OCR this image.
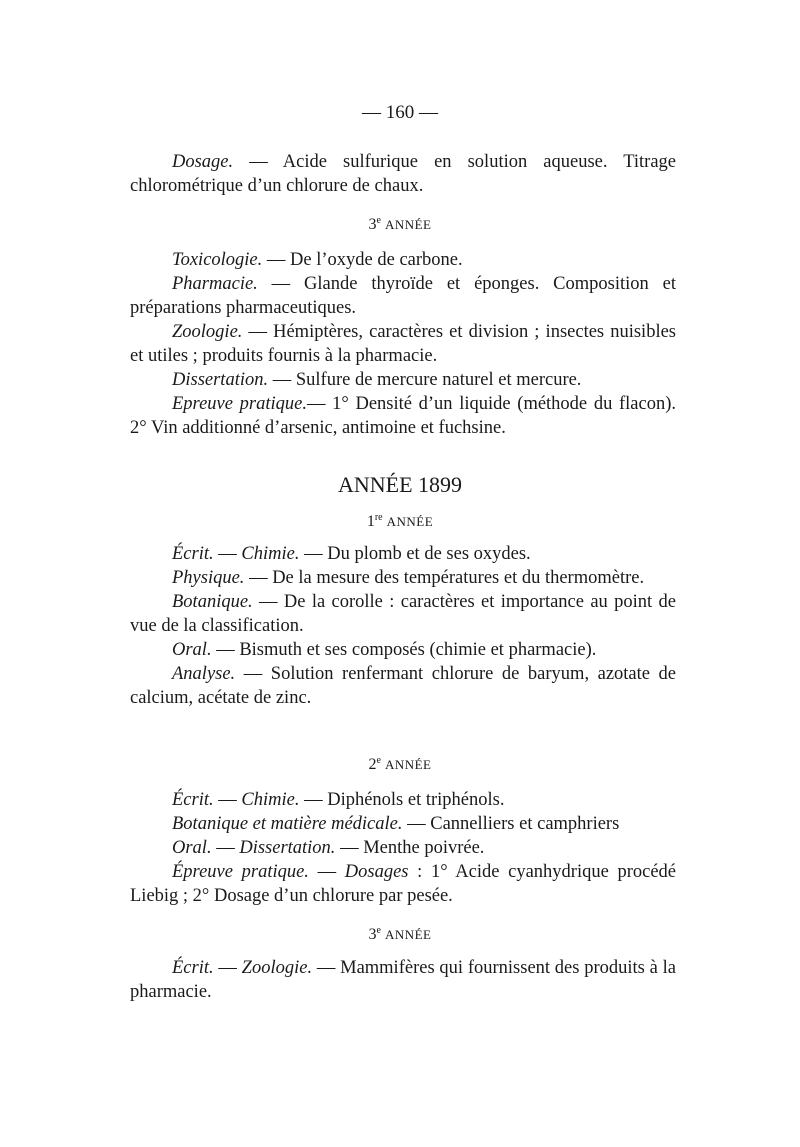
— 160 —

Dosage. — Acide sulfurique en solution aqueuse. Titrage chlorométrique d’un chlorure de chaux.

3e ANNÉE

Toxicologie. — De l’oxyde de carbone.

Pharmacie. — Glande thyroïde et éponges. Composition et préparations pharmaceutiques.

Zoologie. — Hémiptères, caractères et division ; insectes nuisibles et utiles ; produits fournis à la pharmacie.

Dissertation. — Sulfure de mercure naturel et mercure.

Epreuve pratique.— 1° Densité d’un liquide (méthode du flacon). 2° Vin additionné d’arsenic, antimoine et fuchsine.

ANNÉE 1899
1re ANNÉE

Écrit. — Chimie. — Du plomb et de ses oxydes.

Physique. — De la mesure des températures et du thermomètre.

Botanique. — De la corolle : caractères et importance au point de vue de la classification.

Oral. — Bismuth et ses composés (chimie et pharmacie).

Analyse. — Solution renfermant chlorure de baryum, azotate de calcium, acétate de zinc.

2e ANNÉE

Écrit. — Chimie. — Diphénols et triphénols.

Botanique et matière médicale. — Cannelliers et camphriers

Oral. — Dissertation. — Menthe poivrée.

Épreuve pratique. — Dosages : 1° Acide cyanhydrique procédé Liebig ; 2° Dosage d’un chlorure par pesée.

3e ANNÉE

Écrit. — Zoologie. — Mammifères qui fournissent des produits à la pharmacie.
